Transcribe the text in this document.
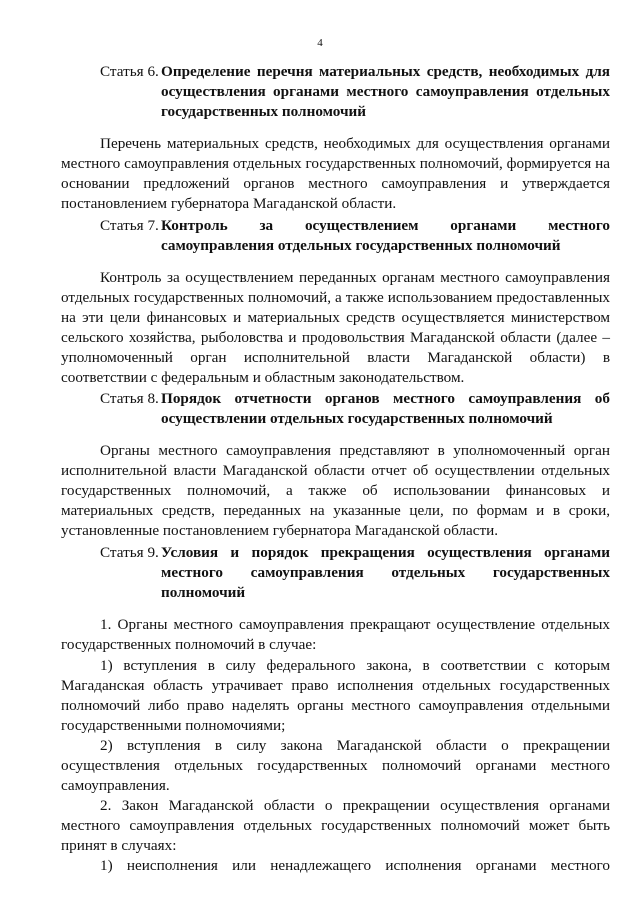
4
Статья 6. Определение перечня материальных средств, необходимых для осуществления органами местного самоуправления отдельных государственных полномочий
Перечень материальных средств, необходимых для осуществления органами местного самоуправления отдельных государственных полномочий, формируется на основании предложений органов местного самоуправления и утверждается постановлением губернатора Магаданской области.
Статья 7. Контроль за осуществлением органами местного самоуправления отдельных государственных полномочий
Контроль за осуществлением переданных органам местного самоуправления отдельных государственных полномочий, а также использованием предоставленных на эти цели финансовых и материальных средств осуществляется министерством сельского хозяйства, рыболовства и продовольствия Магаданской области (далее – уполномоченный орган исполнительной власти Магаданской области) в соответствии с федеральным и областным законодательством.
Статья 8. Порядок отчетности органов местного самоуправления об осуществлении отдельных государственных полномочий
Органы местного самоуправления представляют в уполномоченный орган исполнительной власти Магаданской области отчет об осуществлении отдельных государственных полномочий, а также об использовании финансовых и материальных средств, переданных на указанные цели, по формам и в сроки, установленные постановлением губернатора Магаданской области.
Статья 9. Условия и порядок прекращения осуществления органами местного самоуправления отдельных государственных полномочий
1. Органы местного самоуправления прекращают осуществление отдельных государственных полномочий в случае:
1) вступления в силу федерального закона, в соответствии с которым Магаданская область утрачивает право исполнения отдельных государственных полномочий либо право наделять органы местного самоуправления отдельными государственными полномочиями;
2) вступления в силу закона Магаданской области о прекращении осуществления отдельных государственных полномочий органами местного самоуправления.
2. Закон Магаданской области о прекращении осуществления органами местного самоуправления отдельных государственных полномочий может быть принят в случаях:
1) неисполнения или ненадлежащего исполнения органами местного
